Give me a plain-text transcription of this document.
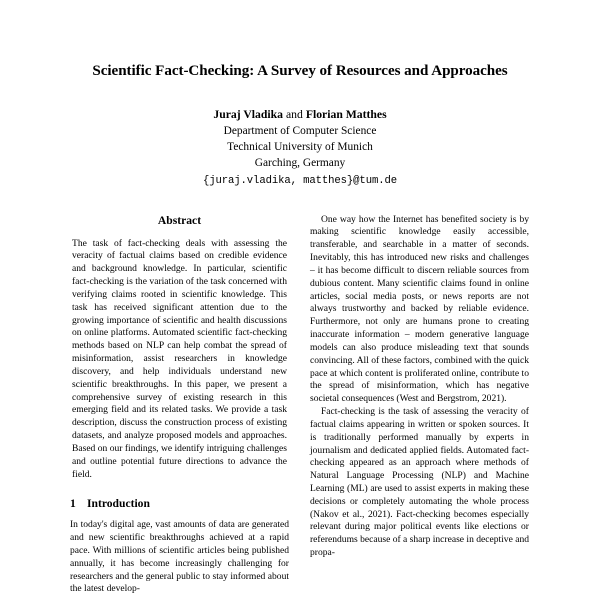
Scientific Fact-Checking: A Survey of Resources and Approaches
Juraj Vladika and Florian Matthes
Department of Computer Science
Technical University of Munich
Garching, Germany
{juraj.vladika, matthes}@tum.de
Abstract

The task of fact-checking deals with assessing the veracity of factual claims based on credible evidence and background knowledge. In particular, scientific fact-checking is the variation of the task concerned with verifying claims rooted in scientific knowledge. This task has received significant attention due to the growing importance of scientific and health discussions on online platforms. Automated scientific fact-checking methods based on NLP can help combat the spread of misinformation, assist researchers in knowledge discovery, and help individuals understand new scientific breakthroughs. In this paper, we present a comprehensive survey of existing research in this emerging field and its related tasks. We provide a task description, discuss the construction process of existing datasets, and analyze proposed models and approaches. Based on our findings, we identify intriguing challenges and outline potential future directions to advance the field.

1 Introduction

In today's digital age, vast amounts of data are generated and new scientific breakthroughs achieved at a rapid pace. With millions of scientific articles being published annually, it has become increasingly challenging for researchers and the general public to stay informed about the latest develop-

One way how the Internet has benefited society is by making scientific knowledge easily accessible, transferable, and searchable in a matter of seconds. Inevitably, this has introduced new risks and challenges – it has become difficult to discern reliable sources from dubious content. Many scientific claims found in online articles, social media posts, or news reports are not always trustworthy and backed by reliable evidence. Furthermore, not only are humans prone to creating inaccurate information – modern generative language models can also produce misleading text that sounds convincing. All of these factors, combined with the quick pace at which content is proliferated online, contribute to the spread of misinformation, which has negative societal consequences (West and Bergstrom, 2021).

Fact-checking is the task of assessing the veracity of factual claims appearing in written or spoken sources. It is traditionally performed manually by experts in journalism and dedicated applied fields. Automated fact-checking appeared as an approach where methods of Natural Language Processing (NLP) and Machine Learning (ML) are used to assist experts in making these decisions or completely automating the whole process (Nakov et al., 2021). Fact-checking becomes especially relevant during major political events like elections or referendums because of a sharp increase in deceptive and propa-
